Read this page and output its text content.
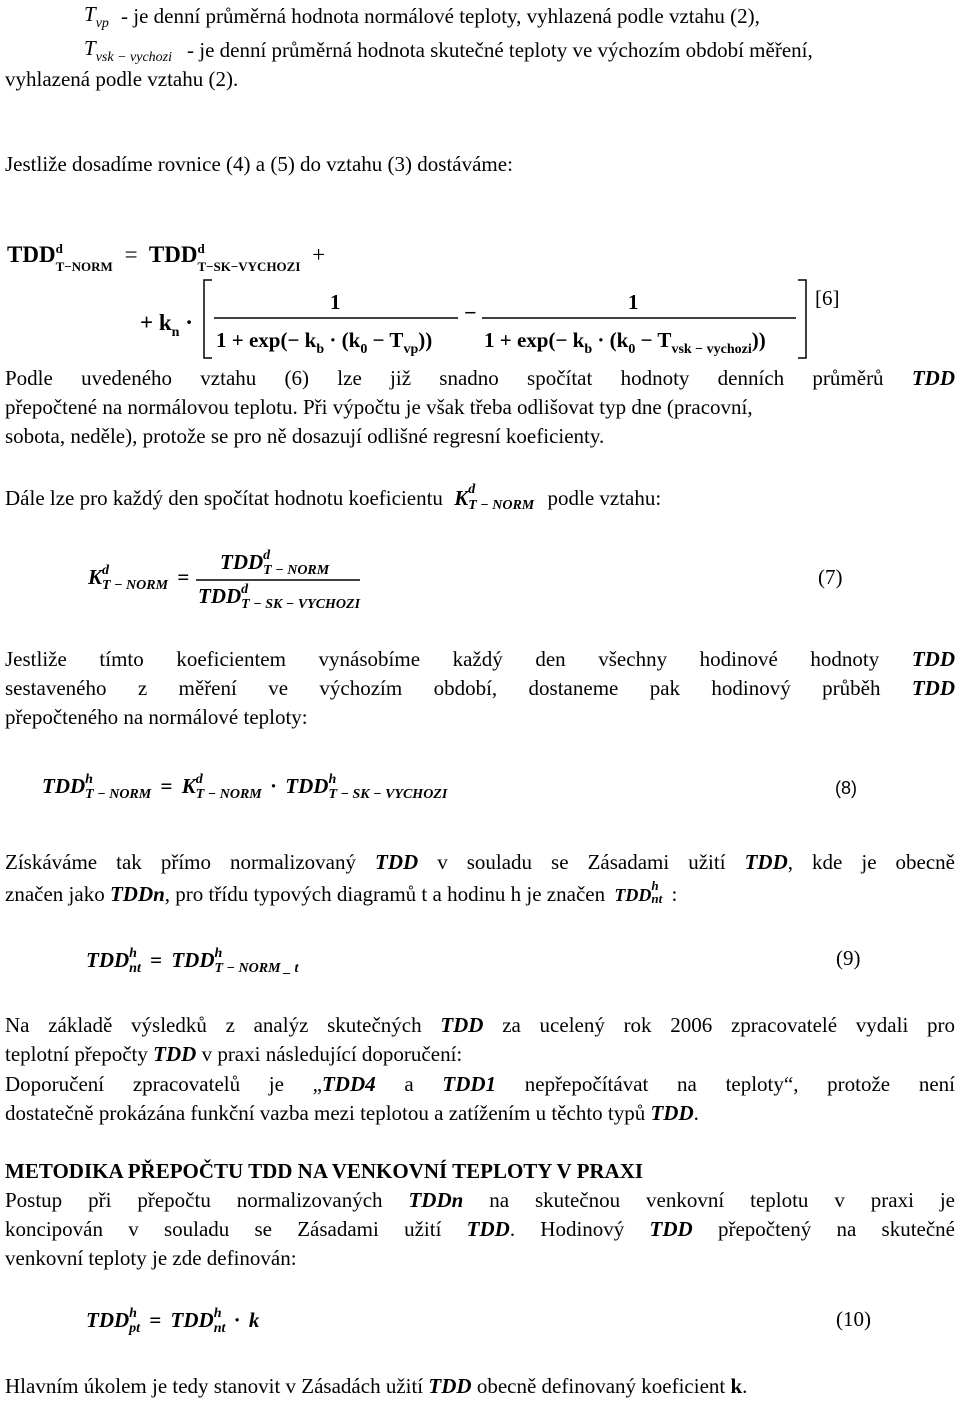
$T_{vp}$ - je denní průměrná hodnota normálové teploty, vyhlazená podle vztahu (2),
$T_{vsk - vychozi}$ - je denní průměrná hodnota skutečné teploty ve výchozím období měření,
vyhlazená podle vztahu (2).
Jestliže dosadíme rovnice (4) a (5) do vztahu (3) dostáváme:
TDD d
T−NORM = TDD d
T−SK−VYCHOZI +
+ $k_n$ ·
1	−	1
$1 + \exp(- k_b \cdot (k_0 - T_{vp}))$ $1 + \exp(- k_b \cdot (k_0 - T_{vsk - vychozi}))$
[6]
Podle uvedeného vztahu (6) lze již snadno spočítat hodnoty denních průměrů TDD
přepočtené na normálovou teplotu. Při výpočtu je však třeba odlišovat typ dne (pracovní,
sobota, neděle), protože se pro ně dosazují odlišné regresní koeficienty.
Dále lze pro každý den spočítat hodnotu koeficientu K d
T − NORM podle vztahu:
K d
T − NORM =
TDD d
T − NORM
TDD d
T − SK − VYCHOZI
(7)
Jestliže tímto koeficientem vynásobíme každý den všechny hodinové hodnoty TDD
sestaveného z měření ve výchozím období, dostaneme pak hodinový průběh TDD
přepočteného na normálové teploty:
TDD h
T − NORM = K d
T − NORM · TDD h
T − SK − VYCHOZI	(8)
Získáváme tak přímo normalizovaný TDD v souladu se Zásadami užití TDD, kde je obecně
značen jako TDDn, pro třídu typových diagramů t a hodinu h je značen TDD h
nt :
TDD h
nt = TDD h
T − NORM _ t	(9)
Na základě výsledků z analýz skutečných TDD za ucelený rok 2006 zpracovatelé vydali pro
teplotní přepočty TDD v praxi následující doporučení:
Doporučení zpracovatelů je „TDD4 a TDD1 nepřepočítávat na teploty“, protože není
dostatečně prokázána funkční vazba mezi teplotou a zatížením u těchto typů TDD.
METODIKA PŘEPOČTU TDD NA VENKOVNÍ TEPLOTY V PRAXI
Postup při přepočtu normalizovaných TDDn na skutečnou venkovní teplotu v praxi je
koncipován v souladu se Zásadami užití TDD. Hodinový TDD přepočtený na skutečné
venkovní teploty je zde definován:
TDD h
pt = TDD h
nt · k	(10)
Hlavním úkolem je tedy stanovit v Zásadách užití TDD obecně definovaný koeficient k.
